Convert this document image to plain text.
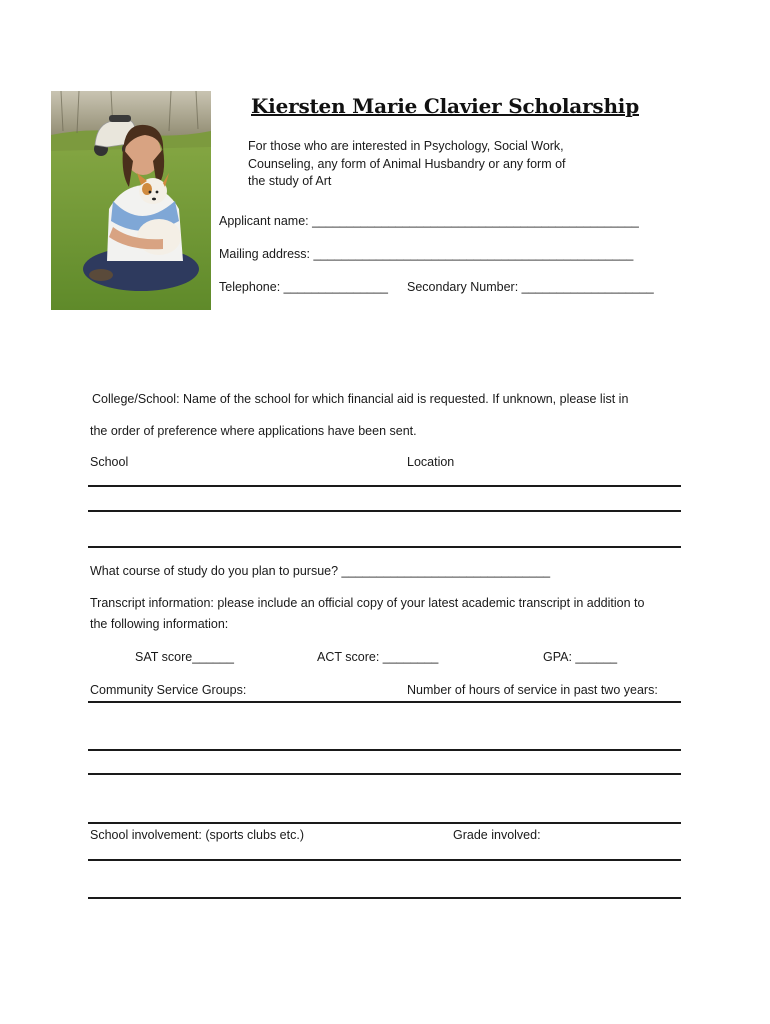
Kiersten Marie Clavier Scholarship
For those who are interested in Psychology, Social Work,
Counseling, any form of Animal Husbandry or any form of
the study of Art
Applicant name: _______________________________________________
Mailing address: ______________________________________________
Telephone: _______________ Secondary Number: ___________________
College/School: Name of the school for which financial aid is requested. If unknown, please list in
the order of preference where applications have been sent.
School	Location
What course of study do you plan to pursue? ______________________________
Transcript information: please include an official copy of your latest academic transcript in addition to
the following information:
SAT score______	ACT score: ________	GPA: ______
Community Service Groups:	Number of hours of service in past two years:
School involvement: (sports clubs etc.)	Grade involved:
